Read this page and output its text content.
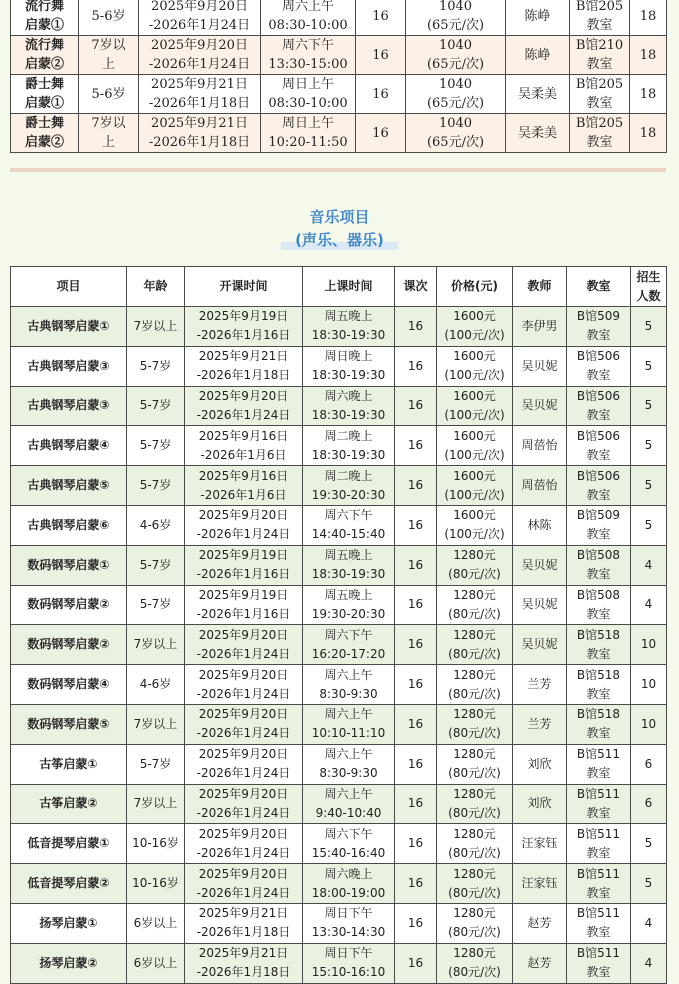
流行舞
启蒙①	5-6岁	2025年9月20日
-2026年1月24日	周六上午
08:30-10:00	16	1040
(65元/次)	陈峥	B馆205
教室	18

流行舞
启蒙②	7岁以
上	2025年9月20日
-2026年1月24日	周六下午
13:30-15:00	16	1040
(65元/次)	陈峥	B馆210
教室	18

爵士舞
启蒙①	5-6岁	2025年9月21日
-2026年1月18日	周日上午
08:30-10:00	16	1040
(65元/次)	吴柔美	B馆205
教室	18

爵士舞
启蒙②	7岁以
上	2025年9月21日
-2026年1月18日	周日上午
10:20-11:50	16	1040
(65元/次)	吴柔美	B馆205
教室	18
音乐项目
(声乐、器乐)
项目	年龄	开课时间	上课时间	课次	价格(元)	教师	教室	招生
人数

古典钢琴启蒙①	7岁以上	2025年9月19日
-2026年1月16日	周五晚上
18:30-19:30	16	1600元
(100元/次)	李伊男	B馆509
教室	5

古典钢琴启蒙③	5-7岁	2025年9月21日
-2026年1月18日	周日晚上
18:30-19:30	16	1600元
(100元/次)	吴贝妮	B馆506
教室	5

古典钢琴启蒙③	5-7岁	2025年9月20日
-2026年1月24日	周六晚上
18:30-19:30	16	1600元
(100元/次)	吴贝妮	B馆506
教室	5

古典钢琴启蒙④	5-7岁	2025年9月16日
-2026年1月6日	周二晚上
18:30-19:30	16	1600元
(100元/次)	周蓓怡	B馆506
教室	5

古典钢琴启蒙⑤	5-7岁	2025年9月16日
-2026年1月6日	周二晚上
19:30-20:30	16	1600元
(100元/次)	周蓓怡	B馆506
教室	5

古典钢琴启蒙⑥	4-6岁	2025年9月20日
-2026年1月24日	周六下午
14:40-15:40	16	1600元
(100元/次)	林陈	B馆509
教室	5

数码钢琴启蒙①	5-7岁	2025年9月19日
-2026年1月16日	周五晚上
18:30-19:30	16	1280元
(80元/次)	吴贝妮	B馆508
教室	4

数码钢琴启蒙②	5-7岁	2025年9月19日
-2026年1月16日	周五晚上
19:30-20:30	16	1280元
(80元/次)	吴贝妮	B馆508
教室	4

数码钢琴启蒙②	7岁以上	2025年9月20日
-2026年1月24日	周六下午
16:20-17:20	16	1280元
(80元/次)	吴贝妮	B馆518
教室	10

数码钢琴启蒙④	4-6岁	2025年9月20日
-2026年1月24日	周六上午
8:30-9:30	16	1280元
(80元/次)	兰芳	B馆518
教室	10

数码钢琴启蒙⑤	7岁以上	2025年9月20日
-2026年1月24日	周六上午
10:10-11:10	16	1280元
(80元/次)	兰芳	B馆518
教室	10

古筝启蒙①	5-7岁	2025年9月20日
-2026年1月24日	周六上午
8:30-9:30	16	1280元
(80元/次)	刘欣	B馆511
教室	6

古筝启蒙②	7岁以上	2025年9月20日
-2026年1月24日	周六上午
9:40-10:40	16	1280元
(80元/次)	刘欣	B馆511
教室	6

低音提琴启蒙①	10-16岁	2025年9月20日
-2026年1月24日	周六下午
15:40-16:40	16	1280元
(80元/次)	汪家钰	B馆511
教室	5

低音提琴启蒙②	10-16岁	2025年9月20日
-2026年1月24日	周六晚上
18:00-19:00	16	1280元
(80元/次)	汪家钰	B馆511
教室	5

扬琴启蒙①	6岁以上	2025年9月21日
-2026年1月18日	周日下午
13:30-14:30	16	1280元
(80元/次)	赵芳	B馆511
教室	4

扬琴启蒙②	6岁以上	2025年9月21日
-2026年1月18日	周日下午
15:10-16:10	16	1280元
(80元/次)	赵芳	B馆511
教室	4
